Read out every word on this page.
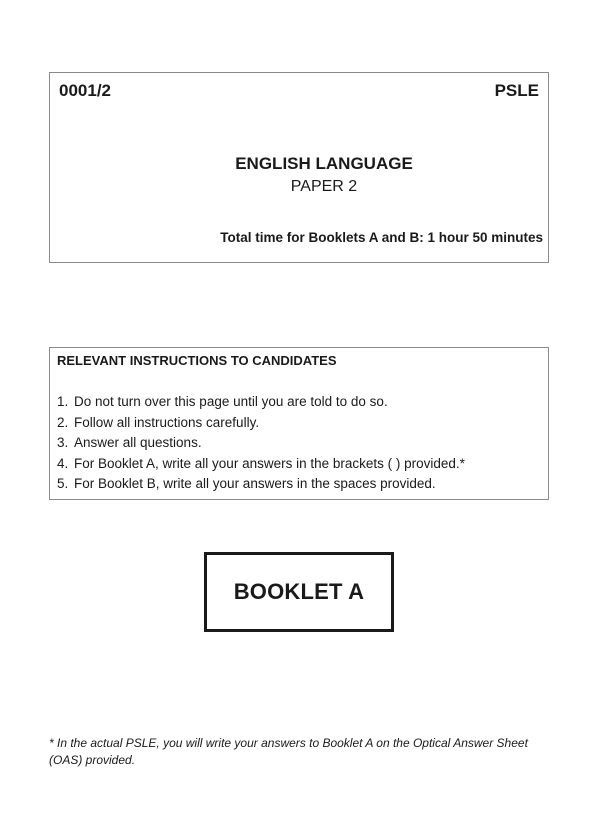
0001/2	PSLE
ENGLISH LANGUAGE
PAPER 2
Total time for Booklets A and B: 1 hour 50 minutes
RELEVANT INSTRUCTIONS TO CANDIDATES
1. Do not turn over this page until you are told to do so.
2. Follow all instructions carefully.
3. Answer all questions.
4. For Booklet A, write all your answers in the brackets ( ) provided.*
5. For Booklet B, write all your answers in the spaces provided.
BOOKLET A
* In the actual PSLE, you will write your answers to Booklet A on the Optical Answer Sheet (OAS) provided.
